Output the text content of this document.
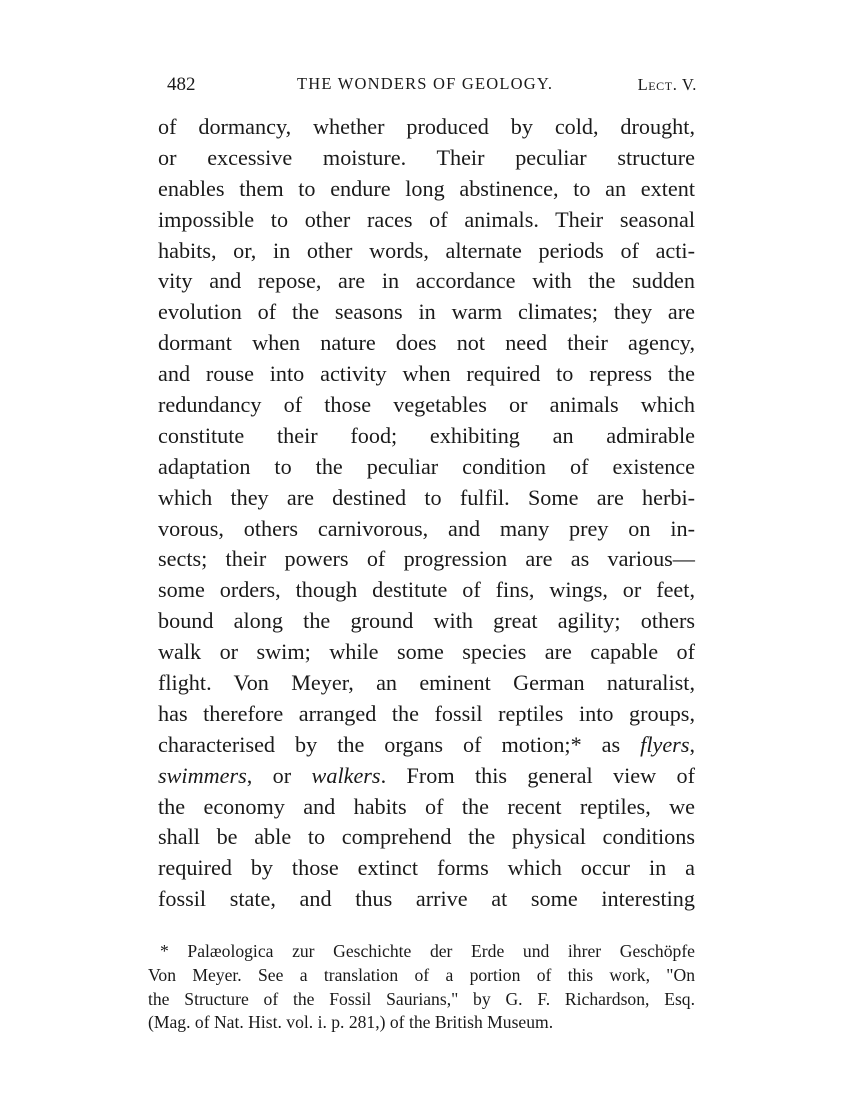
482	THE WONDERS OF GEOLOGY.	Lect. V.
of dormancy, whether produced by cold, drought,
or excessive moisture. Their peculiar structure
enables them to endure long abstinence, to an extent
impossible to other races of animals. Their seasonal
habits, or, in other words, alternate periods of acti-
vity and repose, are in accordance with the sudden
evolution of the seasons in warm climates; they are
dormant when nature does not need their agency,
and rouse into activity when required to repress the
redundancy of those vegetables or animals which
constitute their food; exhibiting an admirable
adaptation to the peculiar condition of existence
which they are destined to fulfil. Some are herbi-
vorous, others carnivorous, and many prey on in-
sects; their powers of progression are as various—
some orders, though destitute of fins, wings, or feet,
bound along the ground with great agility; others
walk or swim; while some species are capable of
flight. Von Meyer, an eminent German naturalist,
has therefore arranged the fossil reptiles into groups,
characterised by the organs of motion;* as flyers,
swimmers, or walkers. From this general view of
the economy and habits of the recent reptiles, we
shall be able to comprehend the physical conditions
required by those extinct forms which occur in a
fossil state, and thus arrive at some interesting
* Palæologica zur Geschichte der Erde und ihrer Geschöpfe
Von Meyer. See a translation of a portion of this work, "On
the Structure of the Fossil Saurians," by G. F. Richardson, Esq.
(Mag. of Nat. Hist. vol. i. p. 281,) of the British Museum.
